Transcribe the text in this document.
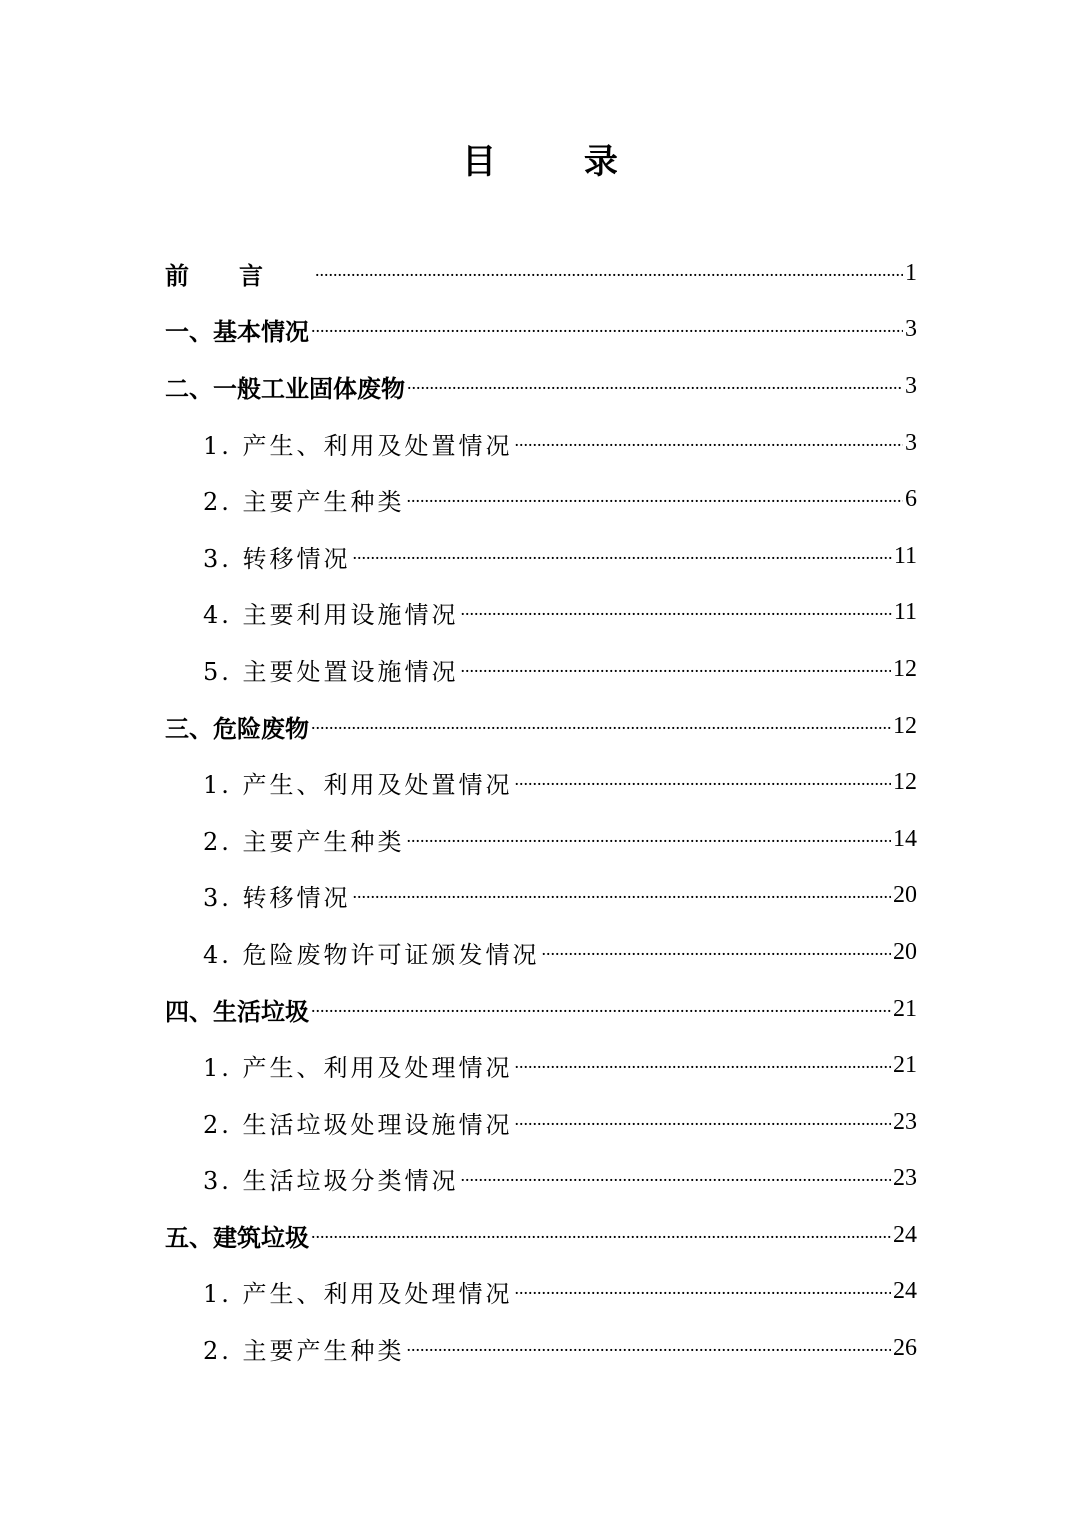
目 录
前言 .....	1
一、基本情况 .....	3
二、一般工业固体废物 .....	3
1. 产生、利用及处置情况 .....	3
2. 主要产生种类 .....	6
3. 转移情况 .....	11
4. 主要利用设施情况 .....	11
5. 主要处置设施情况 .....	12
三、危险废物 .....	12
1. 产生、利用及处置情况 .....	12
2. 主要产生种类 .....	14
3. 转移情况 .....	20
4. 危险废物许可证颁发情况 .....	20
四、生活垃圾 .....	21
1. 产生、利用及处理情况 .....	21
2. 生活垃圾处理设施情况 .....	23
3. 生活垃圾分类情况 .....	23
五、建筑垃圾 .....	24
1. 产生、利用及处理情况 .....	24
2. 主要产生种类 .....	26
